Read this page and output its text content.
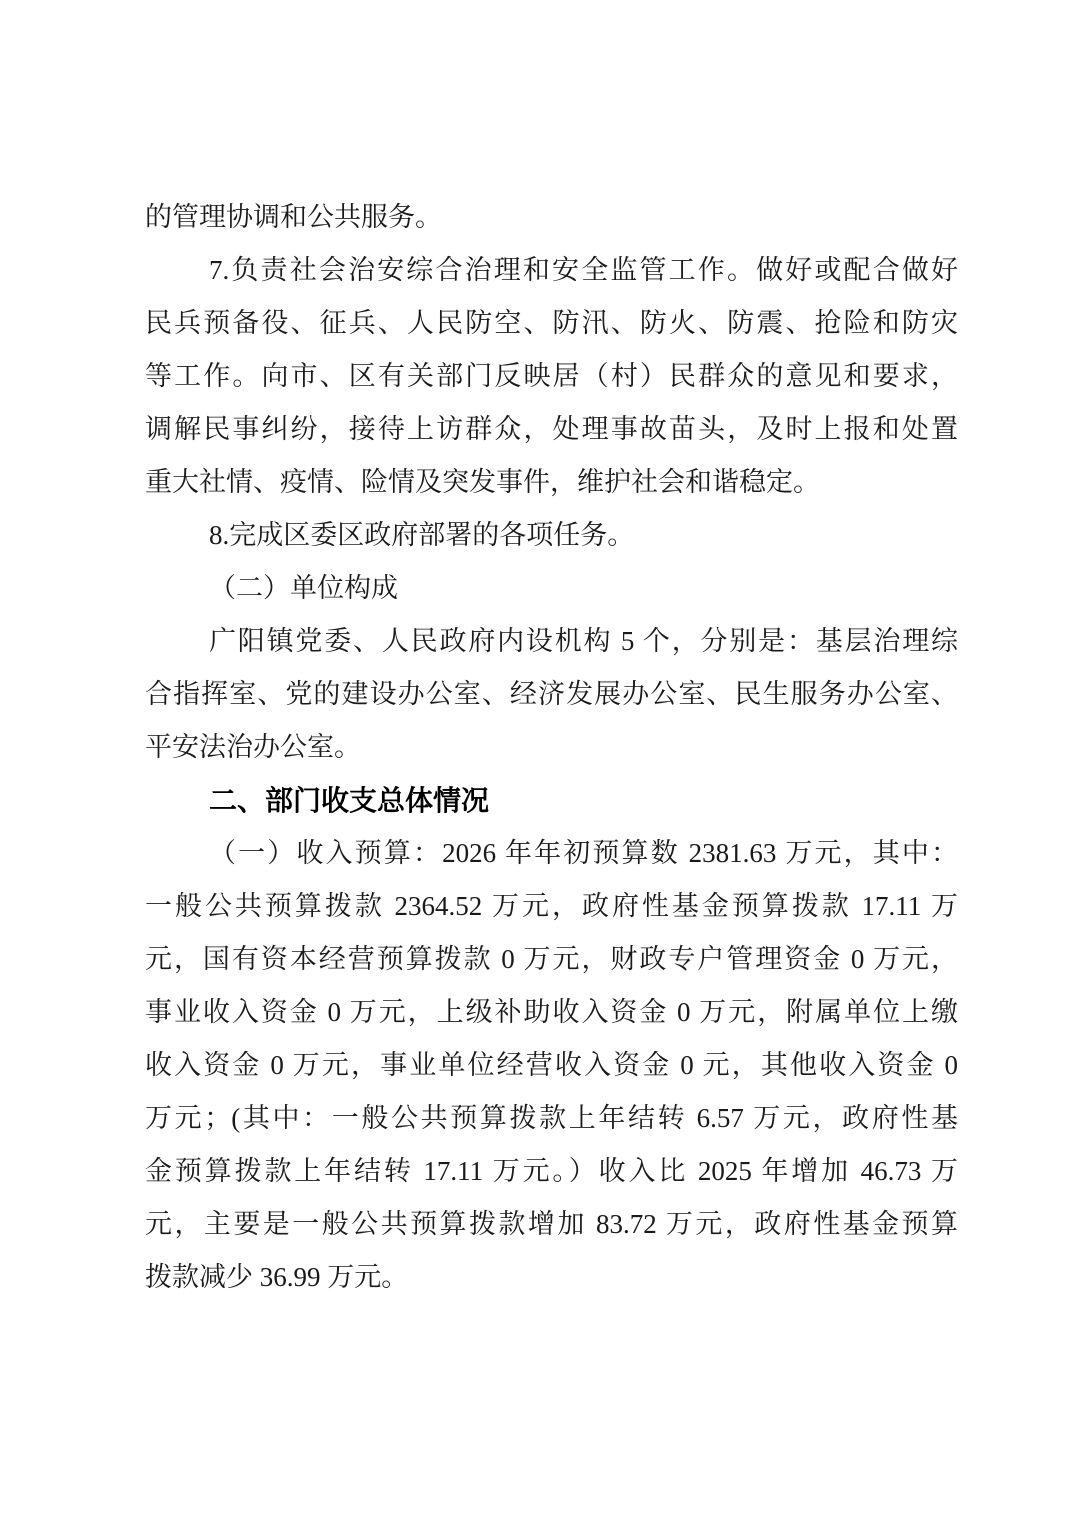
的管理协调和公共服务。
7.负责社会治安综合治理和安全监管工作。做好或配合做好
民兵预备役、征兵、人民防空、防汛、防火、防震、抢险和防灾
等工作。向市、区有关部门反映居（村）民群众的意见和要求，
调解民事纠纷，接待上访群众，处理事故苗头，及时上报和处置
重大社情、疫情、险情及突发事件，维护社会和谐稳定。
8.完成区委区政府部署的各项任务。
（二）单位构成
广阳镇党委、人民政府内设机构 5 个，分别是：基层治理综
合指挥室、党的建设办公室、经济发展办公室、民生服务办公室、
平安法治办公室。
二、部门收支总体情况
（一）收入预算：2026 年年初预算数 2381.63 万元，其中：
一般公共预算拨款 2364.52 万元，政府性基金预算拨款 17.11 万
元，国有资本经营预算拨款 0 万元，财政专户管理资金 0 万元，
事业收入资金 0 万元，上级补助收入资金 0 万元，附属单位上缴
收入资金 0 万元，事业单位经营收入资金 0 元，其他收入资金 0
万元；(其中：一般公共预算拨款上年结转 6.57 万元，政府性基
金预算拨款上年结转 17.11 万元。）收入比 2025 年增加 46.73 万
元，主要是一般公共预算拨款增加 83.72 万元，政府性基金预算
拨款减少 36.99 万元。
